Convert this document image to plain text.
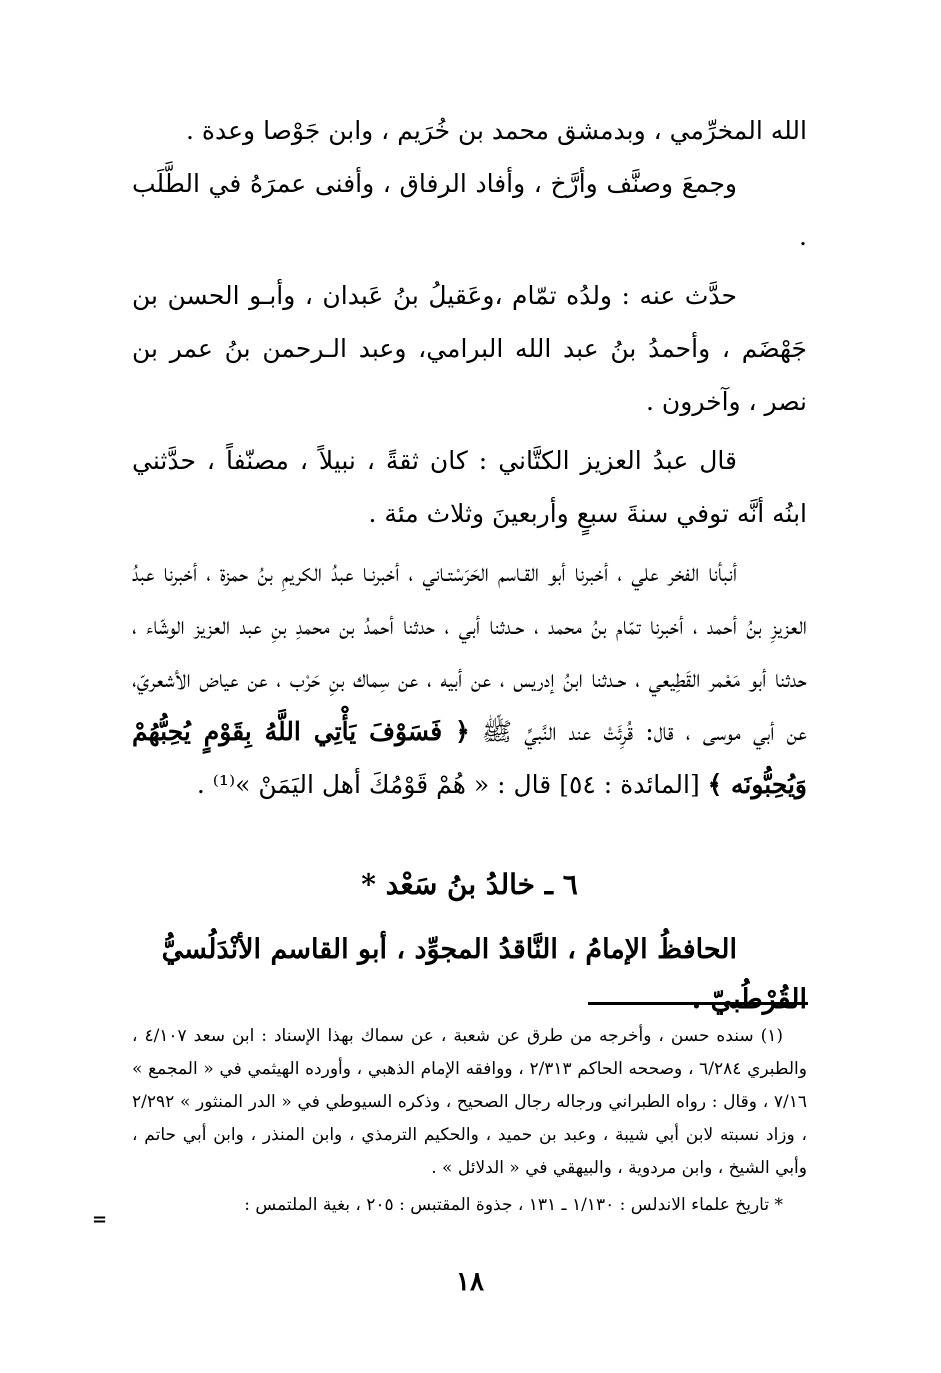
الله المخرِّمي ، وبدمشق محمد بن خُرَيم ، وابن جَوْصا وعدة .

وجمعَ وصنَّف وأرَّخ ، وأفاد الرفاق ، وأفنى عمرَهُ في الطَّلَب .

حدَّث عنه : ولدُه تمّام ،وعَقيلُ بنُ عَبدان ، وأبـو الحسن بن جَهْضَم ، وأحمدُ بنُ عبد الله البرامي، وعبد الـرحمن بنُ عمر بن نصر ، وآخرون .

قال عبدُ العزيز الكتَّاني : كان ثقةً ، نبيلاً ، مصنّفاً ، حدَّثني ابنُه أنَّه توفي سنةَ سبعٍ وأربعينَ وثلاث مئة .

أنبأنا الفخر علي ، أخبرنا أبو القـاسم الحَرَسْتـاني ، أخبرنـا عبدُ الكريمِ بنُ حمزة ، أخبرنا عبدُ العزيزِ بنُ أحمد ، أخبرنا تمّام بنُ محمد ، حـدثنا أبي ، حدثنا أحمدُ بن محمدِ بنِ عبد العزيز الوشّاء ، حدثنا أبو مَعْمر القَطِيعي ، حـدثنا ابنُ إدريس ، عن أبيه ، عن سِماك بنِ حَرْب ، عن عياض الأشعريّ، عن أبي موسى ، قال: قُرِئَتْ عند النَّبيِّ ﷺ ﴿ فَسَوْفَ يَأْتِي اللَّهُ بِقَوْمٍ يُحِبُّهُمْ وَيُحِبُّونَه ﴾ [المائدة : ٥٤] قال : « هُمْ قَوْمُكَ أهل اليَمَنْ »⁽¹⁾ .

٦ ـ خالدُ بنُ سَعْد *
الحافظُ الإمامُ ، النَّاقدُ المجوِّد ، أبو القاسم الأنْدَلُسيُّ القُرْطُبيّ .

(١) سنده حسن ، وأخرجه من طرق عن شعبة ، عن سماك بهذا الإسناد : ابن سعد ٤/١٠٧ ، والطبري ٦/٢٨٤ ، وصححه الحاكم ٢/٣١٣ ، ووافقه الإمام الذهبي ، وأورده الهيثمي في « المجمع » ٧/١٦ ، وقال : رواه الطبراني ورجاله رجال الصحيح ، وذكره السيوطي في « الدر المنثور » ٢/٢٩٢ ، وزاد نسبته لابن أبي شيبة ، وعبد بن حميد ، والحكيم الترمذي ، وابن المنذر ، وابن أبي حاتم ، وأبي الشيخ ، وابن مردوية ، والبيهقي في « الدلائل » .

* تاريخ علماء الاندلس : ١/١٣٠ ـ ١٣١ ، جذوة المقتبس : ٢٠٥ ، بغية الملتمس :

=
١٨
